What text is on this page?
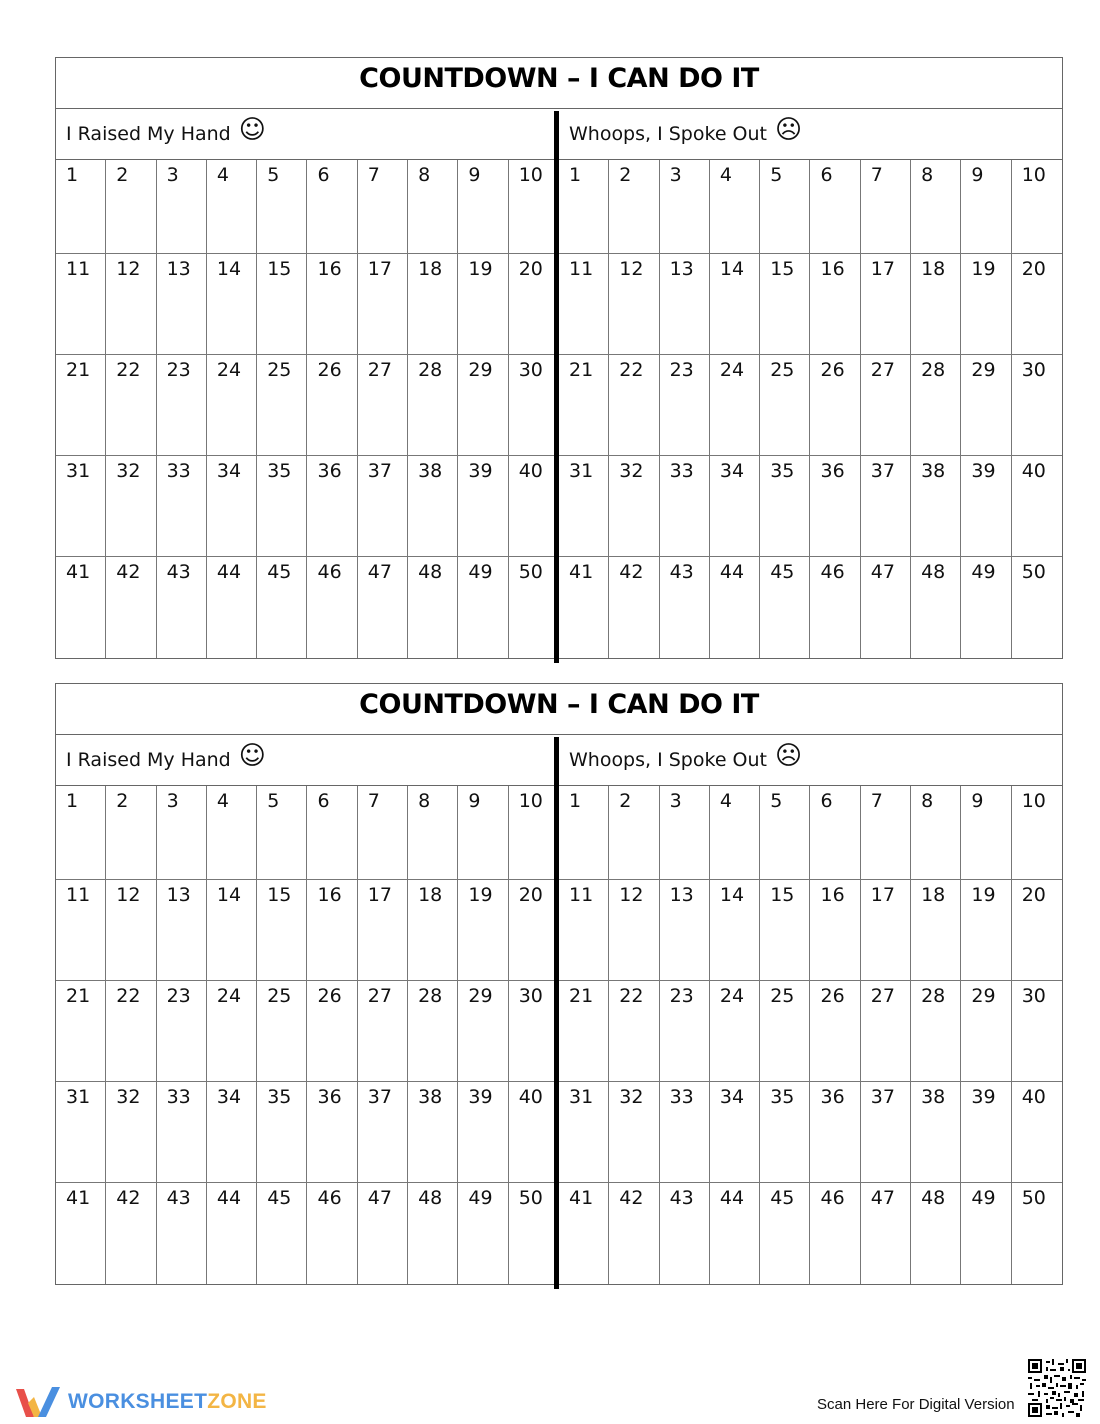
COUNTDOWN – I CAN DO IT
I Raised My Hand ☺	Whoops, I Spoke Out ☹
1	2	3	4	5	6	7	8	9	10	1	2	3	4	5	6	7	8	9	10
11	12	13	14	15	16	17	18	19	20	11	12	13	14	15	16	17	18	19	20
21	22	23	24	25	26	27	28	29	30	21	22	23	24	25	26	27	28	29	30
31	32	33	34	35	36	37	38	39	40	31	32	33	34	35	36	37	38	39	40
41	42	43	44	45	46	47	48	49	50	41	42	43	44	45	46	47	48	49	50
COUNTDOWN – I CAN DO IT
I Raised My Hand ☺	Whoops, I Spoke Out ☹
1	2	3	4	5	6	7	8	9	10	1	2	3	4	5	6	7	8	9	10
11	12	13	14	15	16	17	18	19	20	11	12	13	14	15	16	17	18	19	20
21	22	23	24	25	26	27	28	29	30	21	22	23	24	25	26	27	28	29	30
31	32	33	34	35	36	37	38	39	40	31	32	33	34	35	36	37	38	39	40
41	42	43	44	45	46	47	48	49	50	41	42	43	44	45	46	47	48	49	50
WORKSHEETZONE	Scan Here For Digital Version
